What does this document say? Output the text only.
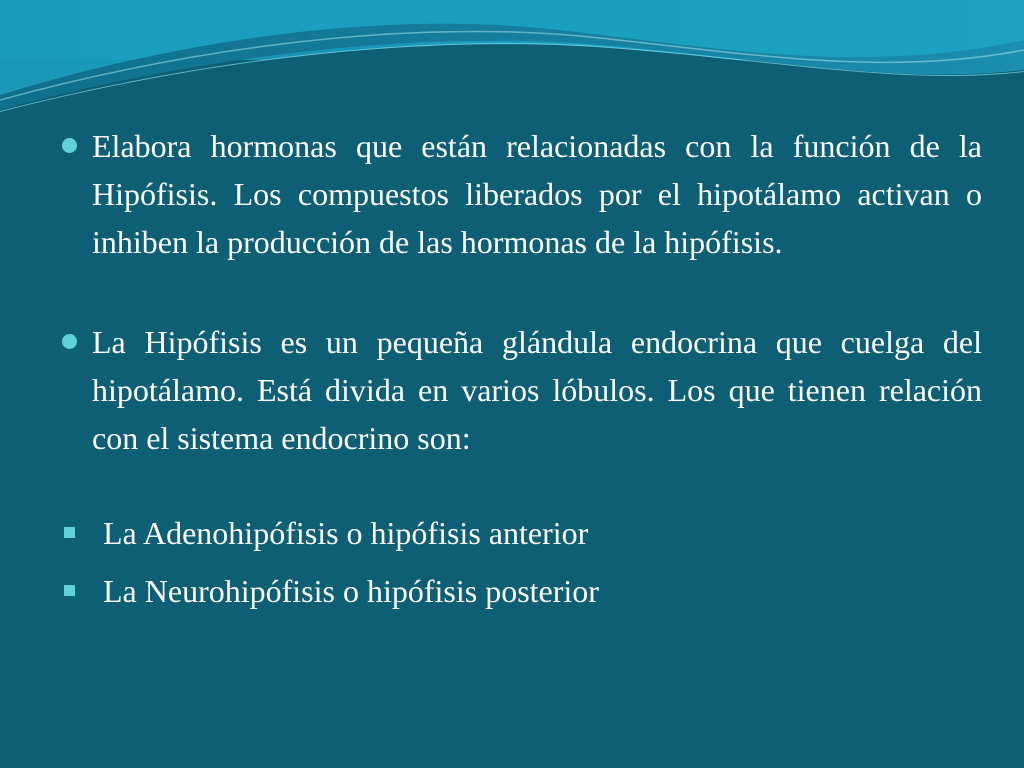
Elabora hormonas que están relacionadas con la función de la Hipófisis. Los compuestos liberados por el hipotálamo activan o inhiben la producción de las hormonas de la hipófisis.
La Hipófisis es un pequeña glándula endocrina que cuelga del hipotálamo. Está divida en varios lóbulos. Los que tienen relación con el sistema endocrino son:
La Adenohipófisis o hipófisis anterior
La Neurohipófisis o hipófisis posterior
